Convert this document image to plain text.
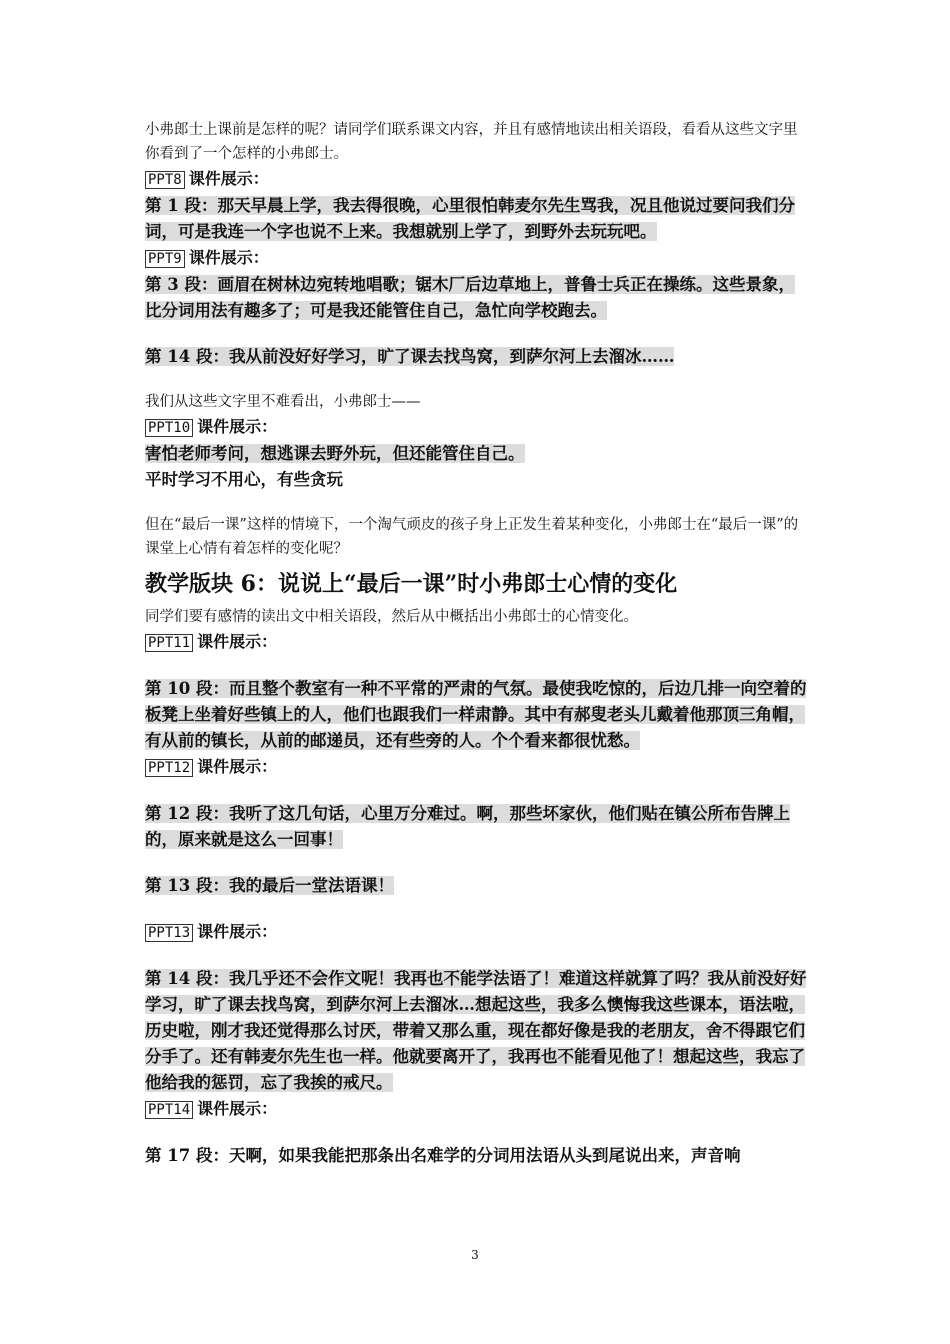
小弗郎士上课前是怎样的呢？请同学们联系课文内容，并且有感情地读出相关语段，看看从这些文字里你看到了一个怎样的小弗郎士。

PPT8 课件展示：

第 1 段：那天早晨上学，我去得很晚，心里很怕韩麦尔先生骂我，况且他说过要问我们分词，可是我连一个字也说不上来。我想就别上学了，到野外去玩玩吧。

PPT9 课件展示：

第 3 段：画眉在树林边宛转地唱歌；锯木厂后边草地上，普鲁士兵正在操练。这些景象，比分词用法有趣多了；可是我还能管住自己，急忙向学校跑去。

第 14 段：我从前没好好学习，旷了课去找鸟窝，到萨尔河上去溜冰……

我们从这些文字里不难看出，小弗郎士——

PPT10 课件展示：

害怕老师考问，想逃课去野外玩，但还能管住自己。

平时学习不用心，有些贪玩

但在“最后一课”这样的情境下，一个淘气顽皮的孩子身上正发生着某种变化，小弗郎士在“最后一课”的课堂上心情有着怎样的变化呢？

教学版块 6：说说上“最后一课”时小弗郎士心情的变化

同学们要有感情的读出文中相关语段，然后从中概括出小弗郎士的心情变化。

PPT11 课件展示：

第 10 段：而且整个教室有一种不平常的严肃的气氛。最使我吃惊的，后边几排一向空着的板凳上坐着好些镇上的人，他们也跟我们一样肃静。其中有郝叟老头儿戴着他那顶三角帽，有从前的镇长，从前的邮递员，还有些旁的人。个个看来都很忧愁。

PPT12 课件展示：

第 12 段：我听了这几句话，心里万分难过。啊，那些坏家伙，他们贴在镇公所布告牌上的，原来就是这么一回事！

第 13 段：我的最后一堂法语课！

PPT13 课件展示：

第 14 段：我几乎还不会作文呢！我再也不能学法语了！难道这样就算了吗？我从前没好好学习，旷了课去找鸟窝，到萨尔河上去溜冰…想起这些，我多么懊悔我这些课本，语法啦，历史啦，刚才我还觉得那么讨厌，带着又那么重，现在都好像是我的老朋友，舍不得跟它们分手了。还有韩麦尔先生也一样。他就要离开了，我再也不能看见他了！想起这些，我忘了他给我的惩罚，忘了我挨的戒尺。

PPT14 课件展示：

第 17 段：天啊，如果我能把那条出名难学的分词用法语从头到尾说出来，声音响

3
